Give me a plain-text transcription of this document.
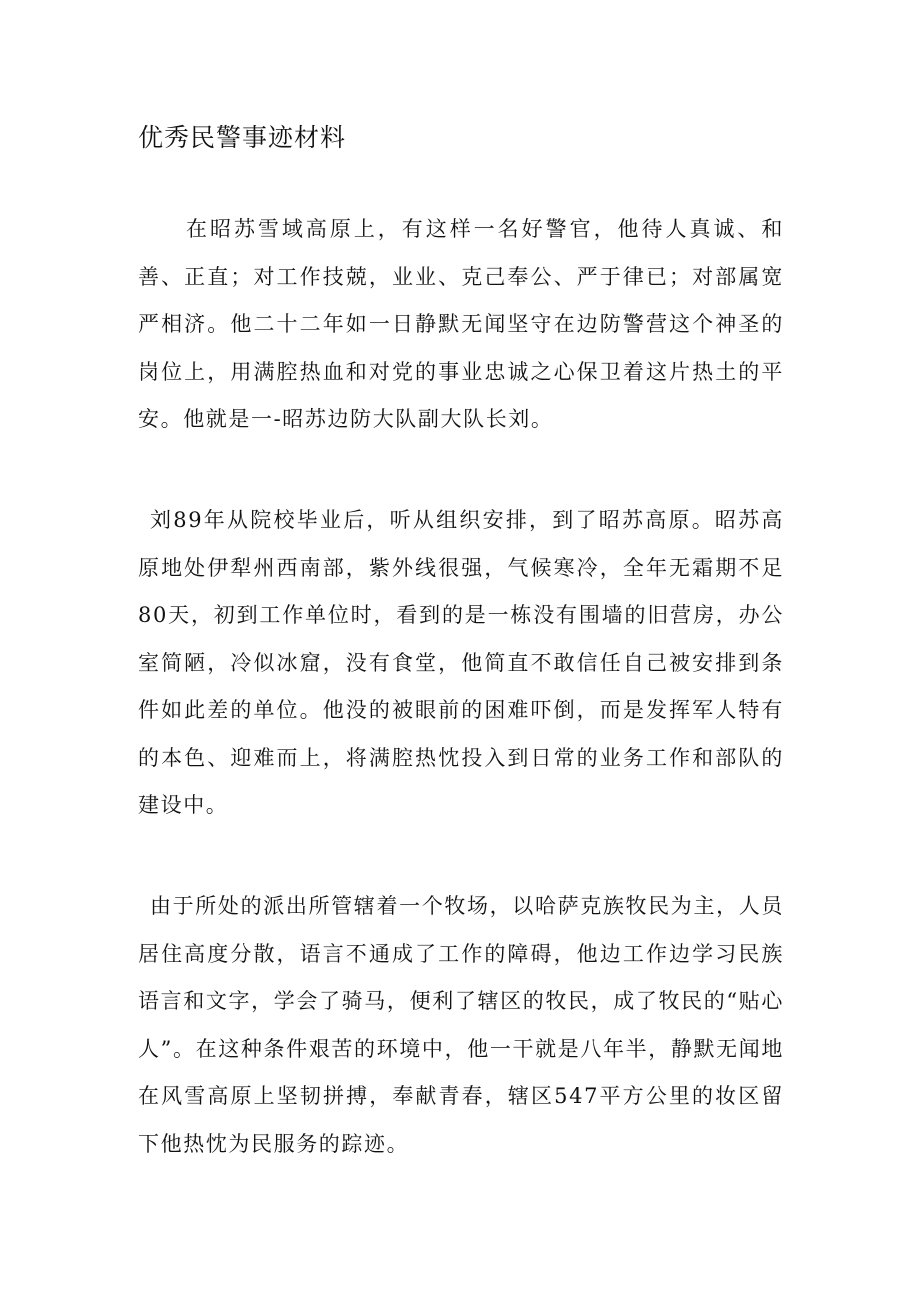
优秀民警事迹材料

在昭苏雪域高原上，有这样一名好警官，他待人真诚、和善、正直；对工作技兢，业业、克己奉公、严于律已；对部属宽严相济。他二十二年如一日静默无闻坚守在边防警营这个神圣的岗位上，用满腔热血和对党的事业忠诚之心保卫着这片热土的平安。他就是一-昭苏边防大队副大队长刘。

刘89年从院校毕业后，听从组织安排，到了昭苏高原。昭苏高原地处伊犁州西南部，紫外线很强，气候寒冷，全年无霜期不足80天，初到工作单位时，看到的是一栋没有围墙的旧营房，办公室简陋，冷似冰窟，没有食堂，他简直不敢信任自己被安排到条件如此差的单位。他没的被眼前的困难吓倒，而是发挥军人特有的本色、迎难而上，将满腔热忱投入到日常的业务工作和部队的建设中。

由于所处的派出所管辖着一个牧场，以哈萨克族牧民为主，人员居住高度分散，语言不通成了工作的障碍，他边工作边学习民族语言和文字，学会了骑马，便利了辖区的牧民，成了牧民的“贴心人”。在这种条件艰苦的环境中，他一干就是八年半，静默无闻地在风雪高原上坚韧拼搏，奉献青春，辖区547平方公里的妆区留下他热忱为民服务的踪迹。
